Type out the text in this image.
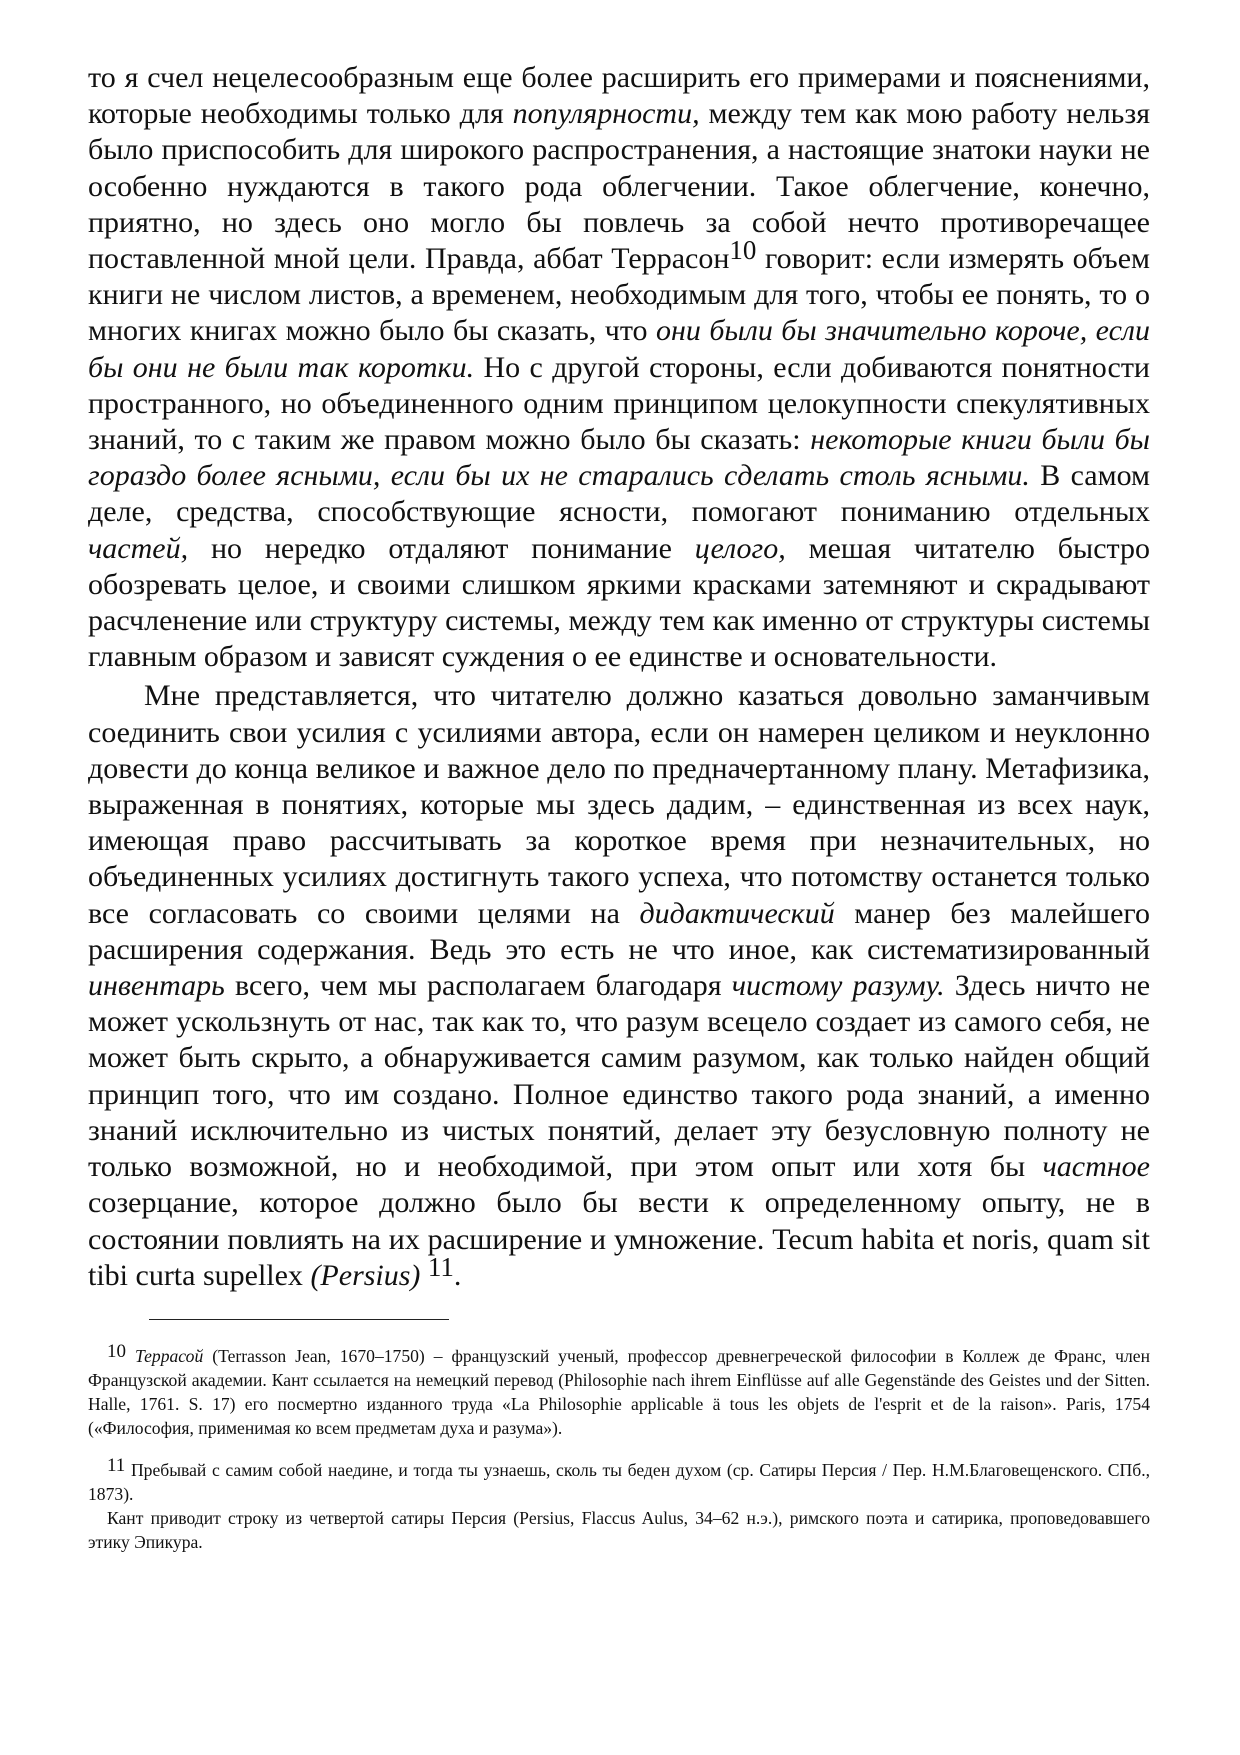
то я счел нецелесообразным еще более расширить его примерами и пояснениями, которые необходимы только для популярности, между тем как мою работу нельзя было приспособить для широкого распространения, а настоящие знатоки науки не особенно нуждаются в такого рода облегчении. Такое облегчение, конечно, приятно, но здесь оно могло бы повлечь за собой нечто противоречащее поставленной мной цели. Правда, аббат Террасон$^{10}$ говорит: если измерять объем книги не числом листов, а временем, необходимым для того, чтобы ее понять, то о многих книгах можно было бы сказать, что они были бы значительно короче, если бы они не были так коротки. Но с другой стороны, если добиваются понятности пространного, но объединенного одним принципом целокупности спекулятивных знаний, то с таким же правом можно было бы сказать: некоторые книги были бы гораздо более ясными, если бы их не старались сделать столь ясными. В самом деле, средства, способствующие ясности, помогают пониманию отдельных частей, но нередко отдаляют понимание целого, мешая читателю быстро обозревать целое, и своими слишком яркими красками затемняют и скрадывают расчленение или структуру системы, между тем как именно от структуры системы главным образом и зависят суждения о ее единстве и основательности.

Мне представляется, что читателю должно казаться довольно заманчивым соединить свои усилия с усилиями автора, если он намерен целиком и неуклонно довести до конца великое и важное дело по предначертанному плану. Метафизика, выраженная в понятиях, которые мы здесь дадим, – единственная из всех наук, имеющая право рассчитывать за короткое время при незначительных, но объединенных усилиях достигнуть такого успеха, что потомству останется только все согласовать со своими целями на дидактический манер без малейшего расширения содержания. Ведь это есть не что иное, как систематизированный инвентарь всего, чем мы располагаем благодаря чистому разуму. Здесь ничто не может ускользнуть от нас, так как то, что разум всецело создает из самого себя, не может быть скрыто, а обнаруживается самим разумом, как только найден общий принцип того, что им создано. Полное единство такого рода знаний, а именно знаний исключительно из чистых понятий, делает эту безусловную полноту не только возможной, но и необходимой, при этом опыт или хотя бы частное созерцание, которое должно было бы вести к определенному опыту, не в состоянии повлиять на их расширение и умножение. Tecum habita et noris, quam sit tibi curta supellex (Persius) $^{11}$.

$^{10}$ Террасой (Terrasson Jean, 1670–1750) – французский ученый, профессор древнегреческой философии в Коллеж де Франс, член Французской академии. Кант ссылается на немецкий перевод (Philosophie nach ihrem Einflüsse auf alle Gegenstände des Geistes und der Sitten. Halle, 1761. S. 17) его посмертно изданного труда «La Philosophie applicable ä tous les objets de l'esprit et de la raison». Paris, 1754 («Философия, применимая ко всем предметам духа и разума»).

$^{11}$ Пребывай с самим собой наедине, и тогда ты узнаешь, сколь ты беден духом (ср. Сатиры Персия / Пер. Н.М.Благовещенского. СПб., 1873).

Кант приводит строку из четвертой сатиры Персия (Persius, Flaccus Aulus, 34–62 н.э.), римского поэта и сатирика, проповедовавшего этику Эпикура.
